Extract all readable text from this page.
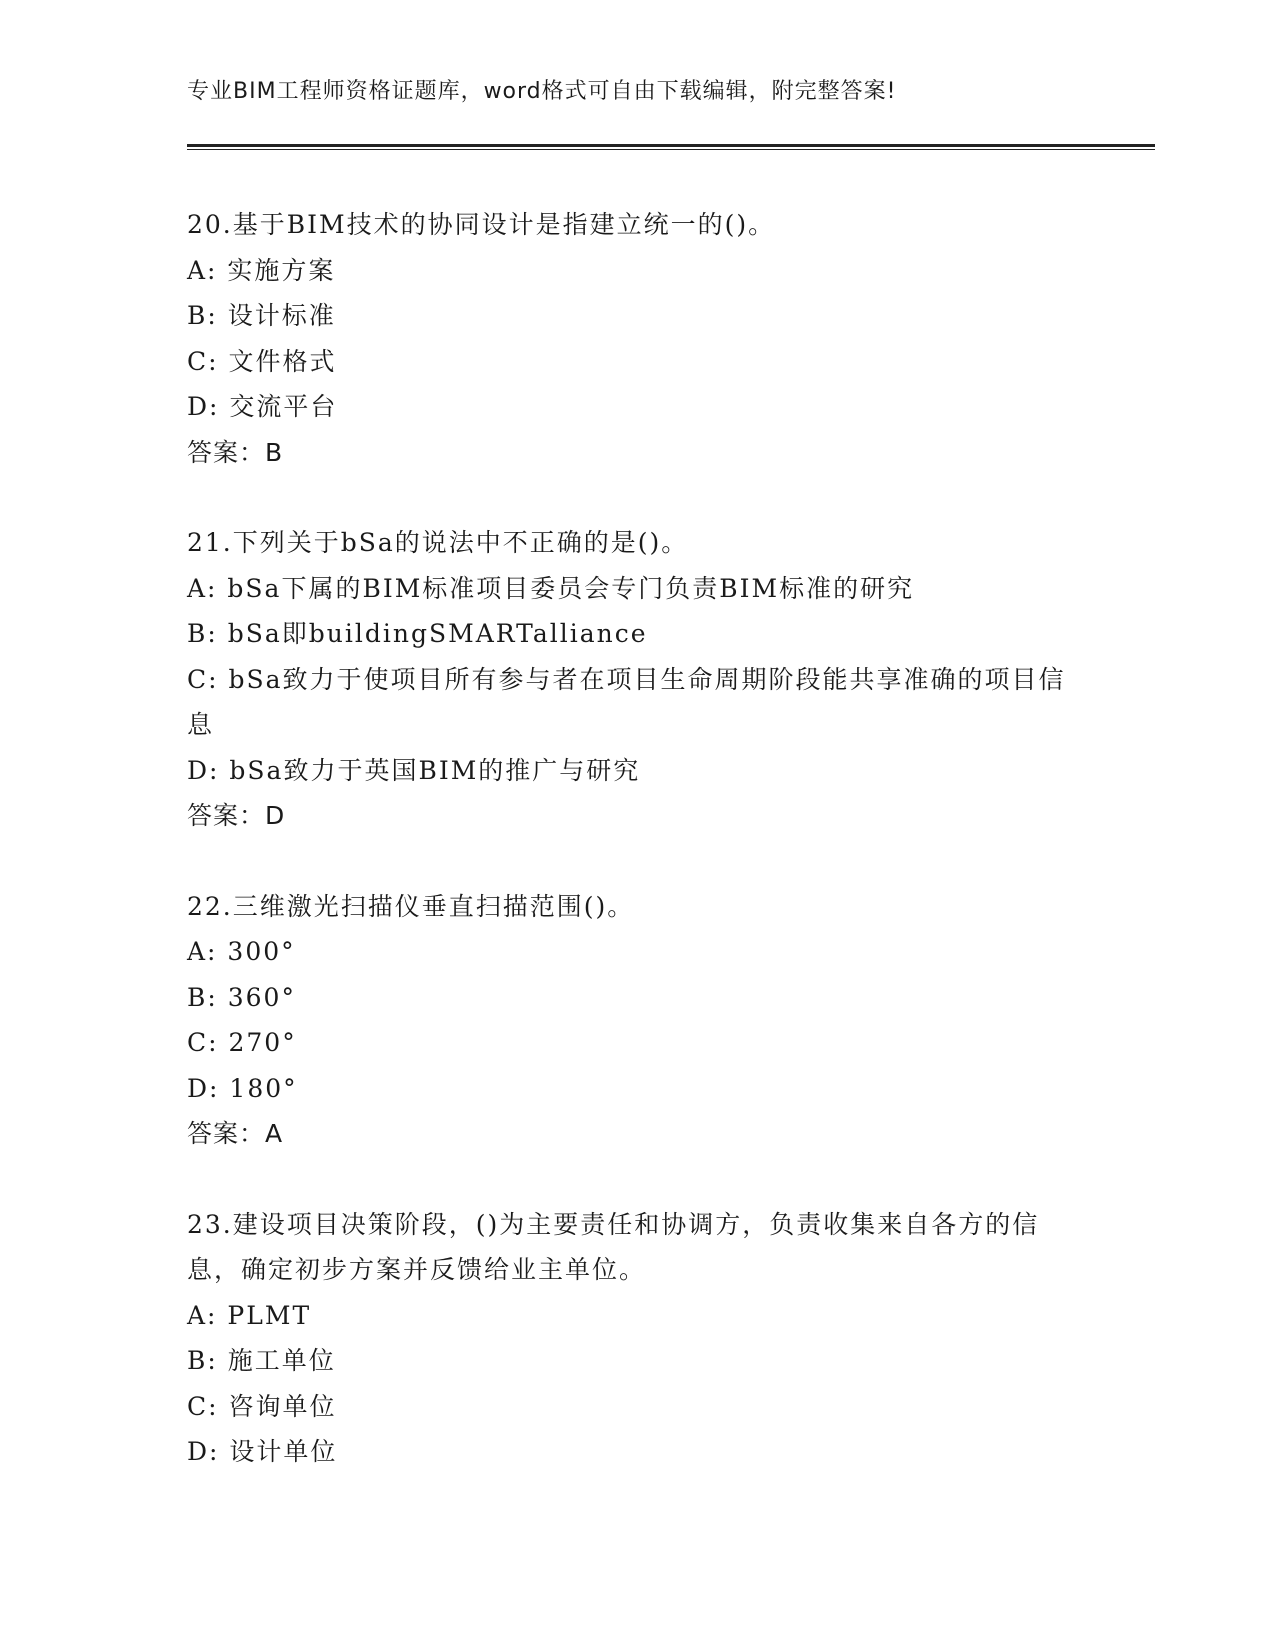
专业BIM工程师资格证题库，word格式可自由下载编辑，附完整答案!
20.基于BIM技术的协同设计是指建立统一的()。
A: 实施方案
B: 设计标准
C: 文件格式
D: 交流平台
答案：B
21.下列关于bSa的说法中不正确的是()。
A: bSa下属的BIM标准项目委员会专门负责BIM标准的研究
B: bSa即buildingSMARTalliance
C: bSa致力于使项目所有参与者在项目生命周期阶段能共享准确的项目信息
D: bSa致力于英国BIM的推广与研究
答案：D
22.三维激光扫描仪垂直扫描范围()。
A: 300°
B: 360°
C: 270°
D: 180°
答案：A
23.建设项目决策阶段，()为主要责任和协调方，负责收集来自各方的信息，确定初步方案并反馈给业主单位。
A: PLMT
B: 施工单位
C: 咨询单位
D: 设计单位
